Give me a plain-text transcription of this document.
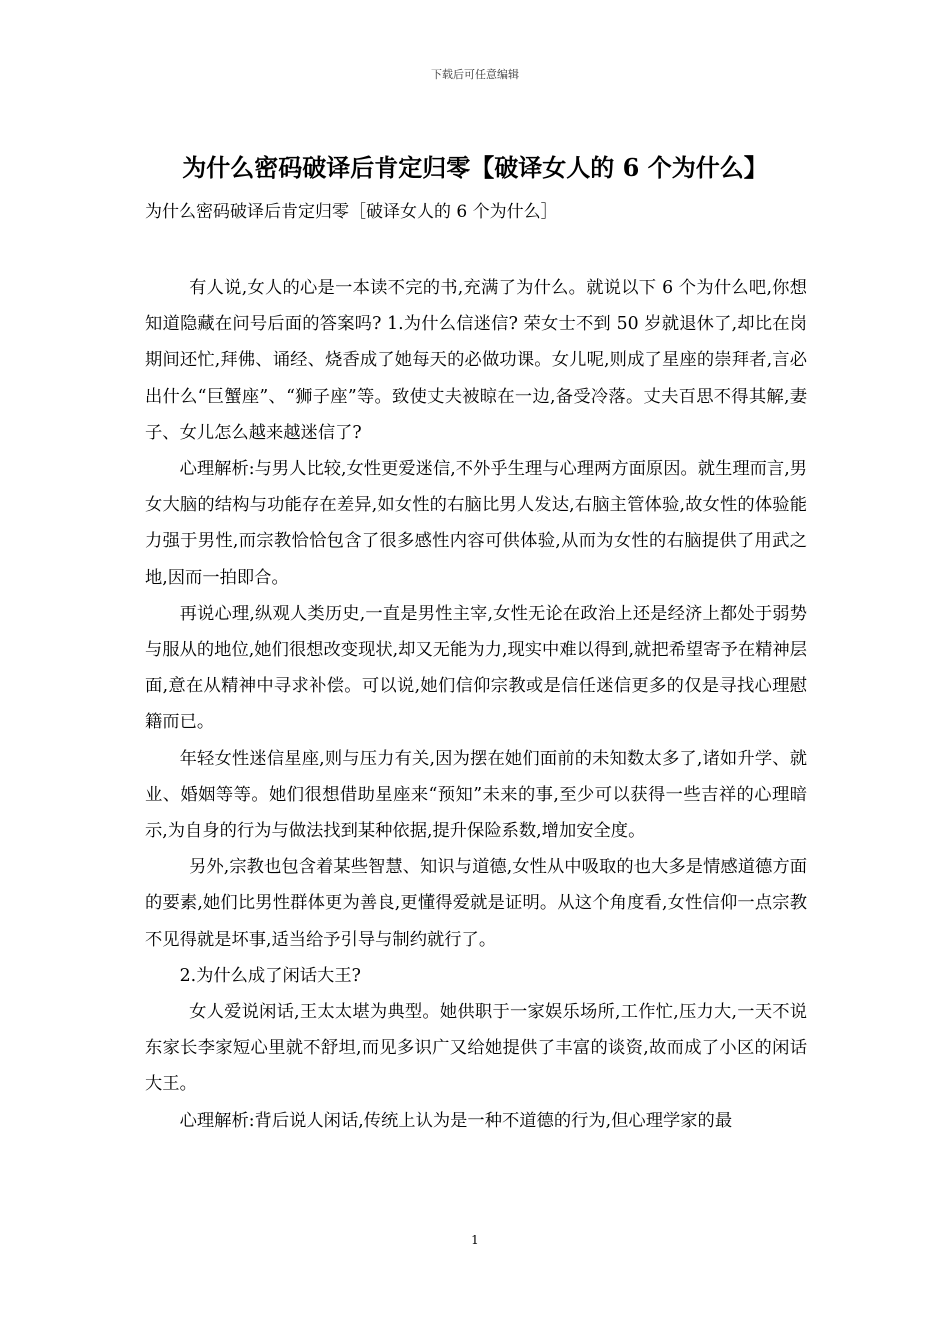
下载后可任意编辑
为什么密码破译后肯定归零【破译女人的 6 个为什么】
为什么密码破译后肯定归零［破译女人的 6 个为什么］

有人说,女人的心是一本读不完的书,充满了为什么。就说以下 6 个为什么吧,你想知道隐藏在问号后面的答案吗? 1.为什么信迷信? 荣女士不到 50 岁就退休了,却比在岗期间还忙,拜佛、诵经、烧香成了她每天的必做功课。女儿呢,则成了星座的崇拜者,言必出什么“巨蟹座”、“狮子座”等。致使丈夫被晾在一边,备受冷落。丈夫百思不得其解,妻子、女儿怎么越来越迷信了?

心理解析:与男人比较,女性更爱迷信,不外乎生理与心理两方面原因。就生理而言,男女大脑的结构与功能存在差异,如女性的右脑比男人发达,右脑主管体验,故女性的体验能力强于男性,而宗教恰恰包含了很多感性内容可供体验,从而为女性的右脑提供了用武之地,因而一拍即合。

再说心理,纵观人类历史,一直是男性主宰,女性无论在政治上还是经济上都处于弱势与服从的地位,她们很想改变现状,却又无能为力,现实中难以得到,就把希望寄予在精神层面,意在从精神中寻求补偿。可以说,她们信仰宗教或是信任迷信更多的仅是寻找心理慰籍而已。

年轻女性迷信星座,则与压力有关,因为摆在她们面前的未知数太多了,诸如升学、就业、婚姻等等。她们很想借助星座来“预知”未来的事,至少可以获得一些吉祥的心理暗示,为自身的行为与做法找到某种依据,提升保险系数,增加安全度。

另外,宗教也包含着某些智慧、知识与道德,女性从中吸取的也大多是情感道德方面的要素,她们比男性群体更为善良,更懂得爱就是证明。从这个角度看,女性信仰一点宗教不见得就是坏事,适当给予引导与制约就行了。

2.为什么成了闲话大王?

女人爱说闲话,王太太堪为典型。她供职于一家娱乐场所,工作忙,压力大,一天不说东家长李家短心里就不舒坦,而见多识广又给她提供了丰富的谈资,故而成了小区的闲话大王。

心理解析:背后说人闲话,传统上认为是一种不道德的行为,但心理学家的最

1
